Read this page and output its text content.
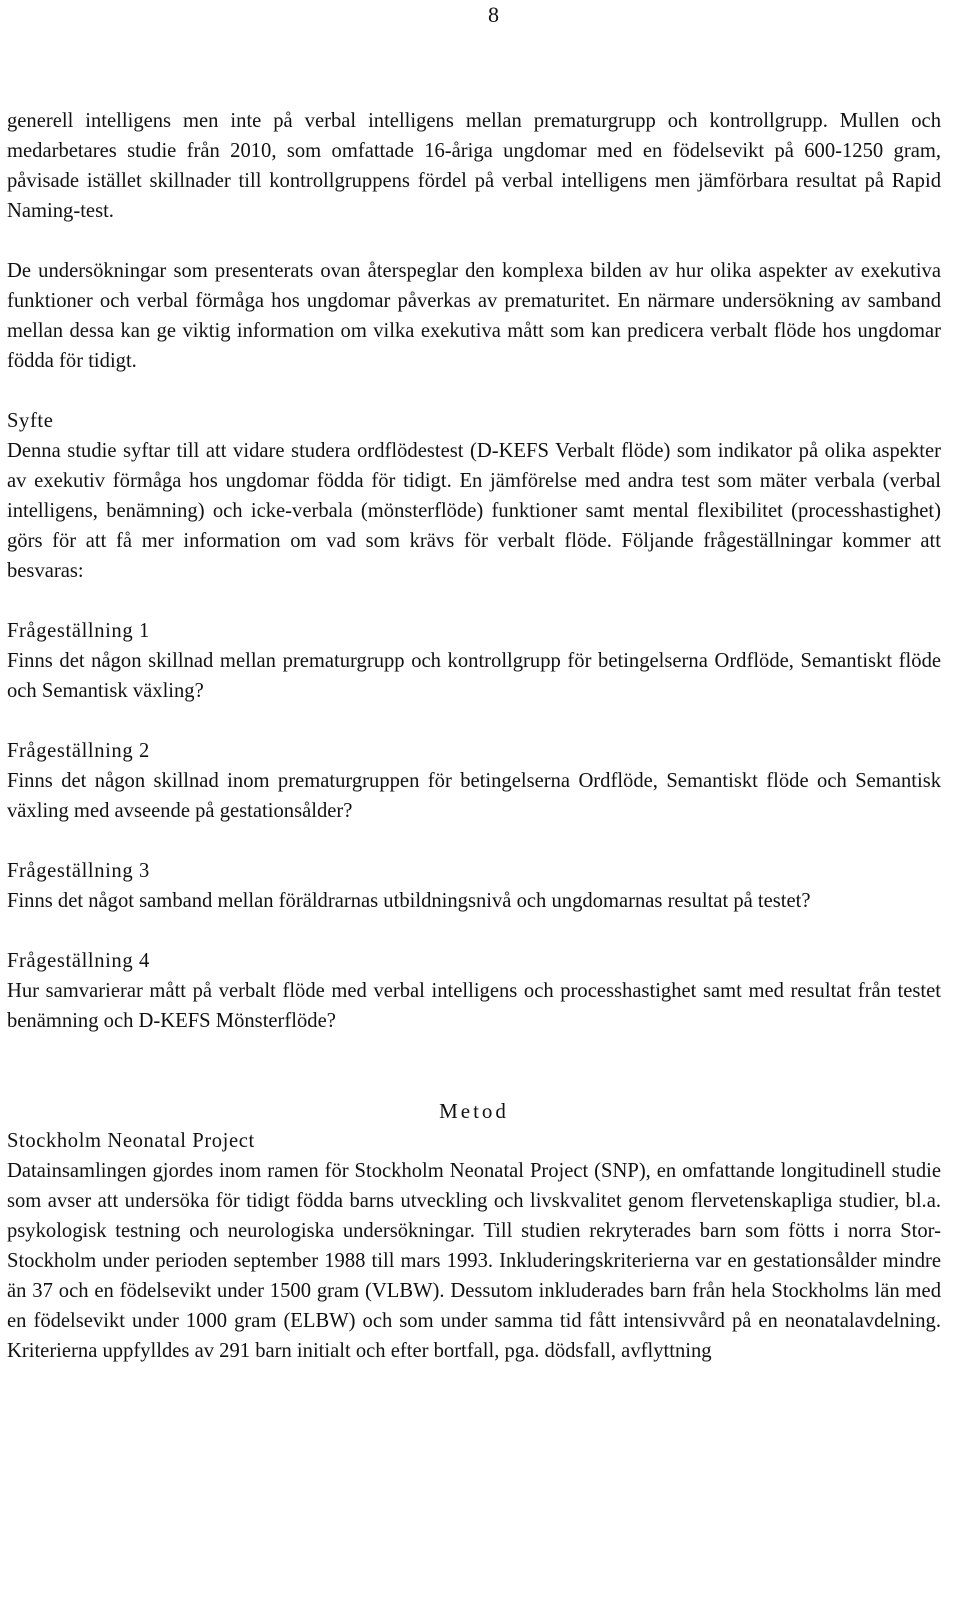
8

generell intelligens men inte på verbal intelligens mellan prematurgrupp och kontrollgrupp. Mullen och medarbetares studie från 2010, som omfattade 16-åriga ungdomar med en födelsevikt på 600-1250 gram, påvisade istället skillnader till kontrollgruppens fördel på verbal intelligens men jämförbara resultat på Rapid Naming-test.

De undersökningar som presenterats ovan återspeglar den komplexa bilden av hur olika aspekter av exekutiva funktioner och verbal förmåga hos ungdomar påverkas av prematuritet. En närmare undersökning av samband mellan dessa kan ge viktig information om vilka exekutiva mått som kan predicera verbalt flöde hos ungdomar födda för tidigt.

Syfte

Denna studie syftar till att vidare studera ordflödestest (D-KEFS Verbalt flöde) som indikator på olika aspekter av exekutiv förmåga hos ungdomar födda för tidigt. En jämförelse med andra test som mäter verbala (verbal intelligens, benämning) och icke-verbala (mönsterflöde) funktioner samt mental flexibilitet (processhastighet) görs för att få mer information om vad som krävs för verbalt flöde. Följande frågeställningar kommer att besvaras:

Frågeställning 1

Finns det någon skillnad mellan prematurgrupp och kontrollgrupp för betingelserna Ordflöde, Semantiskt flöde och Semantisk växling?

Frågeställning 2

Finns det någon skillnad inom prematurgruppen för betingelserna Ordflöde, Semantiskt flöde och Semantisk växling med avseende på gestationsålder?

Frågeställning 3

Finns det något samband mellan föräldrarnas utbildningsnivå och ungdomarnas resultat på testet?

Frågeställning 4

Hur samvarierar mått på verbalt flöde med verbal intelligens och processhastighet samt med resultat från testet benämning och D-KEFS Mönsterflöde?

Metod

Stockholm Neonatal Project

Datainsamlingen gjordes inom ramen för Stockholm Neonatal Project (SNP), en omfattande longitudinell studie som avser att undersöka för tidigt födda barns utveckling och livskvalitet genom flervetenskapliga studier, bl.a. psykologisk testning och neurologiska undersökningar. Till studien rekryterades barn som fötts i norra Stor-Stockholm under perioden september 1988 till mars 1993. Inkluderingskriterierna var en gestationsålder mindre än 37 och en födelsevikt under 1500 gram (VLBW). Dessutom inkluderades barn från hela Stockholms län med en födelsevikt under 1000 gram (ELBW) och som under samma tid fått intensivvård på en neonatalavdelning. Kriterierna uppfylldes av 291 barn initialt och efter bortfall, pga. dödsfall, avflyttning
